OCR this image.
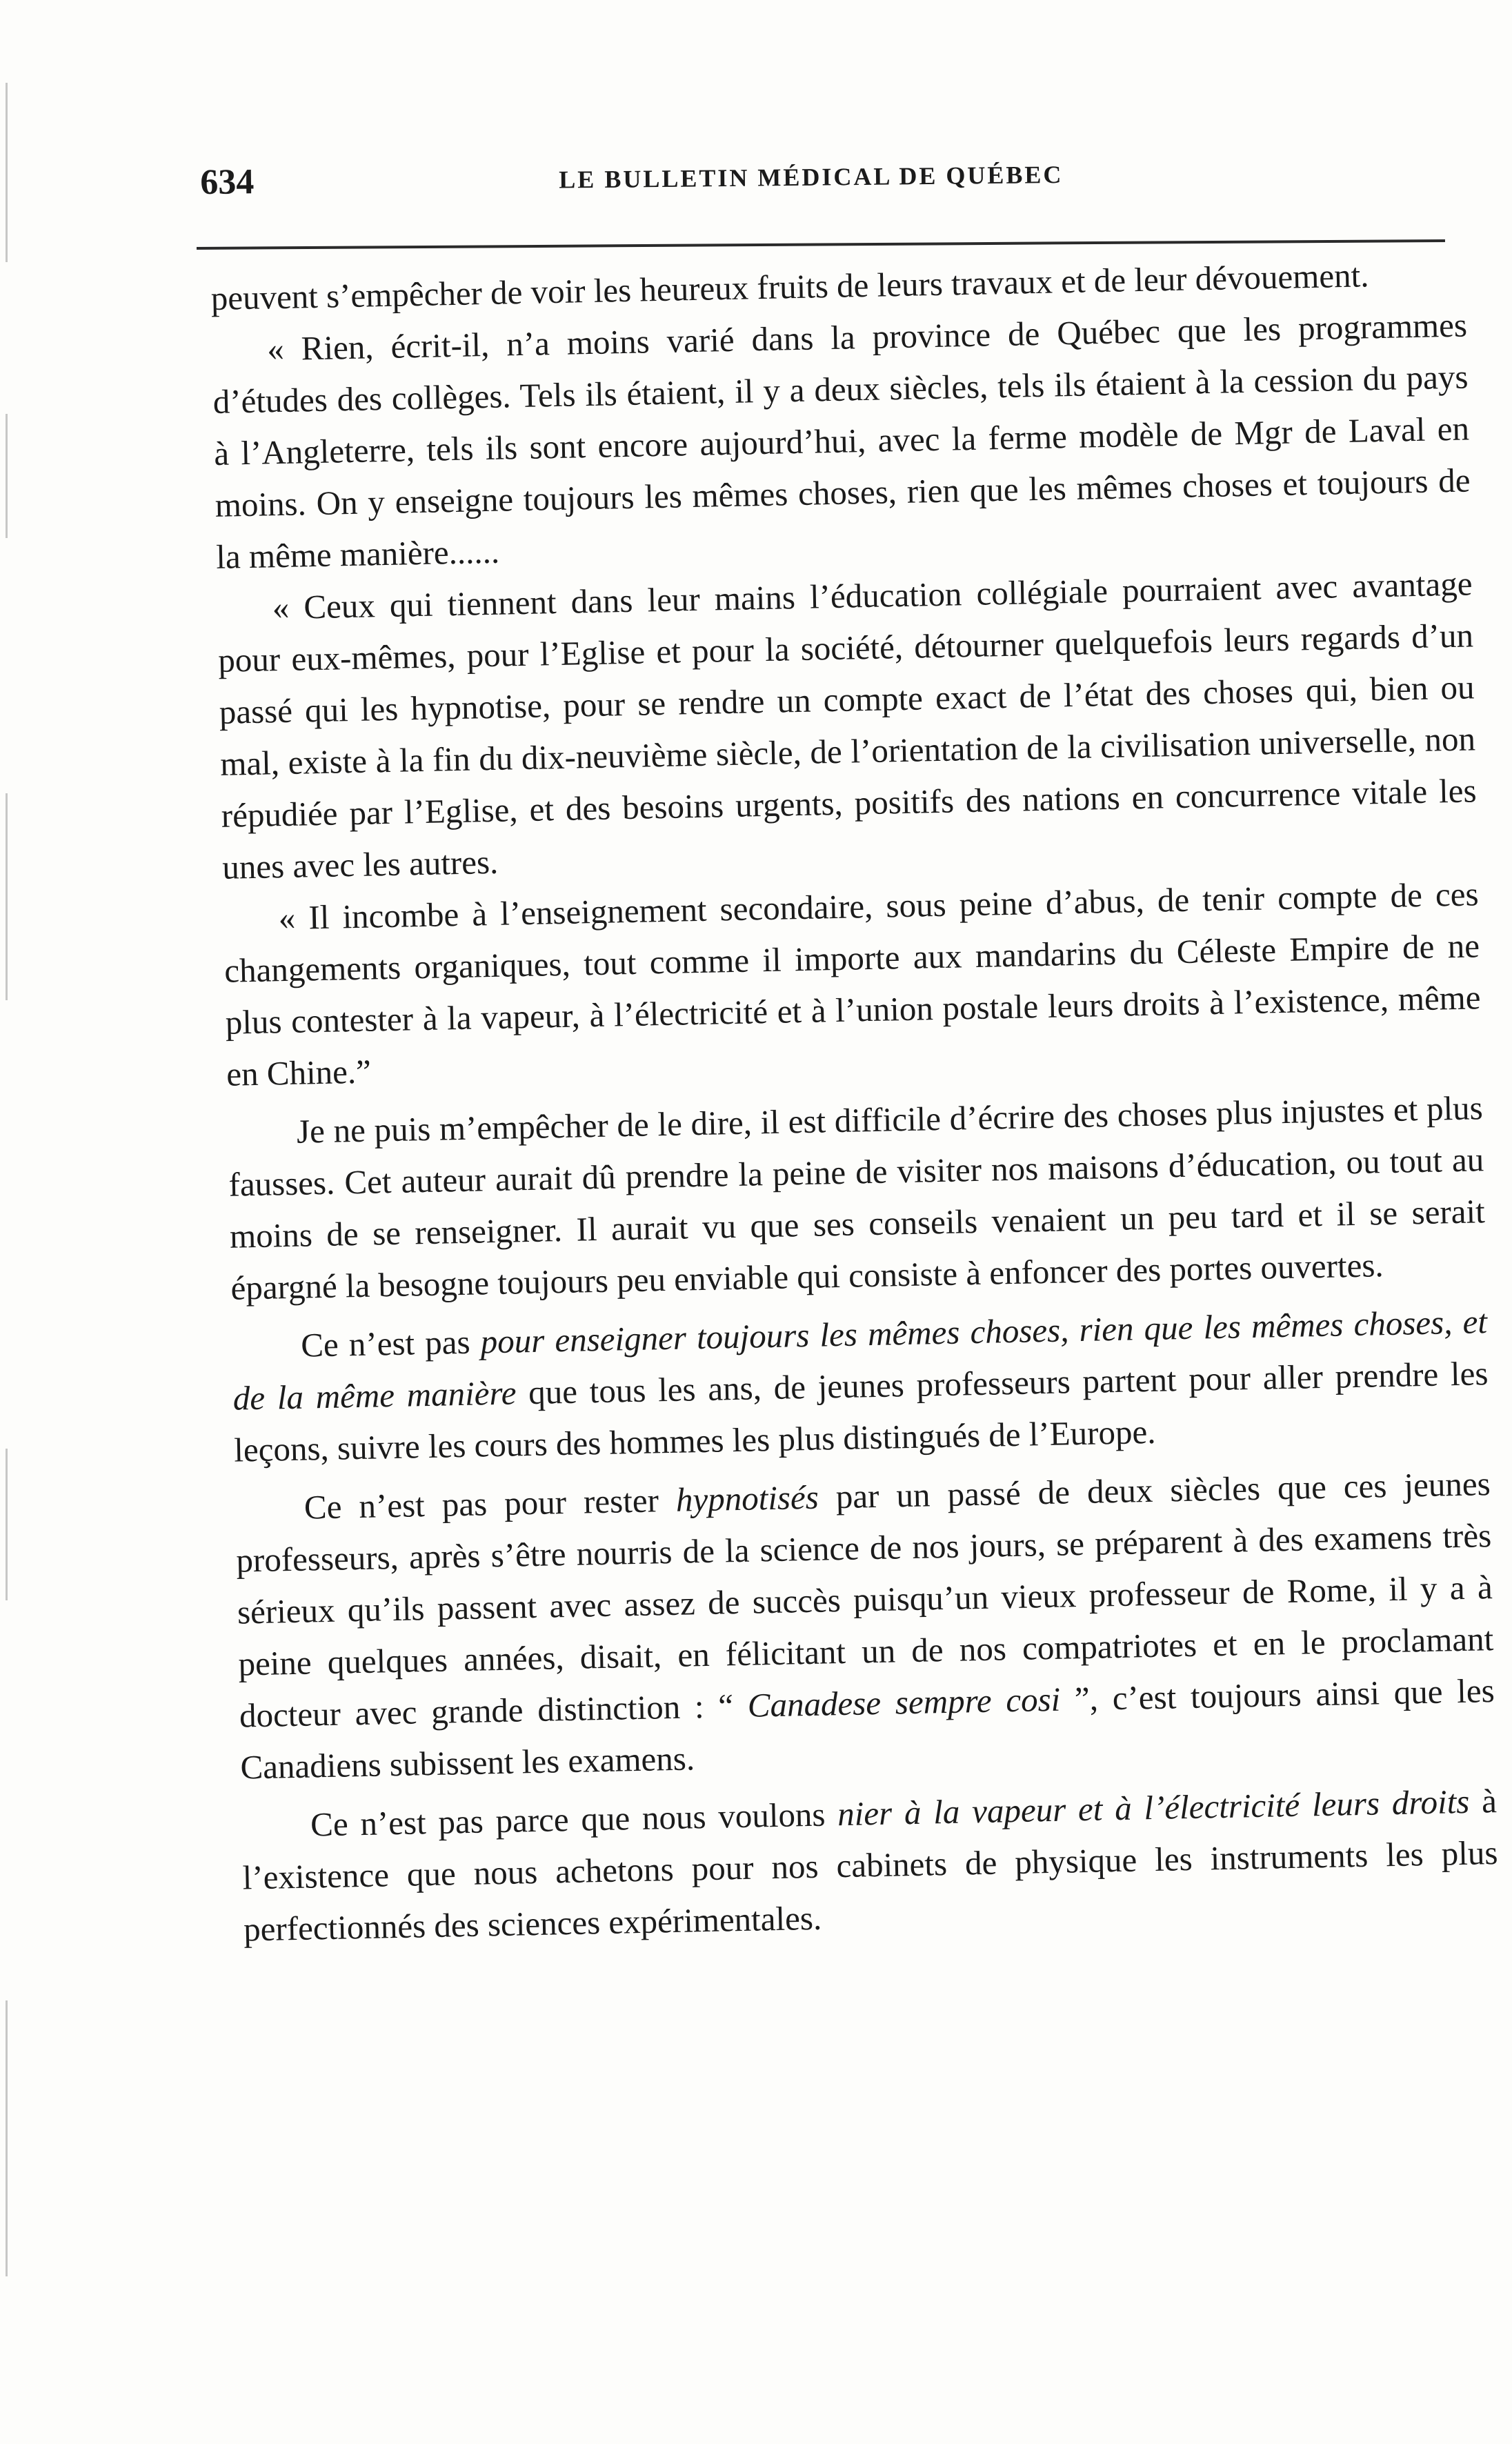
634	LE BULLETIN MÉDICAL DE QUÉBEC

peuvent s’empêcher de voir les heureux fruits de leurs travaux et de leur dévouement.

« Rien, écrit-il, n’a moins varié dans la province de Québec que les programmes d’études des collèges. Tels ils étaient, il y a deux siècles, tels ils étaient à la cession du pays à l’Angleterre, tels ils sont encore aujourd’hui, avec la ferme modèle de Mgr de Laval en moins. On y enseigne toujours les mêmes choses, rien que les mêmes choses et toujours de la même manière......

« Ceux qui tiennent dans leur mains l’éducation collégiale pourraient avec avantage pour eux-mêmes, pour l’Eglise et pour la société, détourner quelquefois leurs regards d’un passé qui les hypnotise, pour se rendre un compte exact de l’état des choses qui, bien ou mal, existe à la fin du dix-neuvième siècle, de l’orientation de la civilisation universelle, non répudiée par l’Eglise, et des besoins urgents, positifs des nations en concurrence vitale les unes avec les autres.

« Il incombe à l’enseignement secondaire, sous peine d’abus, de tenir compte de ces changements organiques, tout comme il importe aux mandarins du Céleste Empire de ne plus contester à la vapeur, à l’électricité et à l’union postale leurs droits à l’existence, même en Chine.”

Je ne puis m’empêcher de le dire, il est difficile d’écrire des choses plus injustes et plus fausses. Cet auteur aurait dû prendre la peine de visiter nos maisons d’éducation, ou tout au moins de se renseigner. Il aurait vu que ses conseils venaient un peu tard et il se serait épargné la besogne toujours peu enviable qui consiste à enfoncer des portes ouvertes.

Ce n’est pas pour enseigner toujours les mêmes choses, rien que les mêmes choses, et de la même manière que tous les ans, de jeunes professeurs partent pour aller prendre les leçons, suivre les cours des hommes les plus distingués de l’Europe.

Ce n’est pas pour rester hypnotisés par un passé de deux siècles que ces jeunes professeurs, après s’être nourris de la science de nos jours, se préparent à des examens très sérieux qu’ils passent avec assez de succès puisqu’un vieux professeur de Rome, il y a à peine quelques années, disait, en félicitant un de nos compatriotes et en le proclamant docteur avec grande distinction : “ Canadese sempre cosi ”, c’est toujours ainsi que les Canadiens subissent les examens.

Ce n’est pas parce que nous voulons nier à la vapeur et à l’électricité leurs droits à l’existence que nous achetons pour nos cabinets de physique les instruments les plus perfectionnés des sciences expérimentales.
